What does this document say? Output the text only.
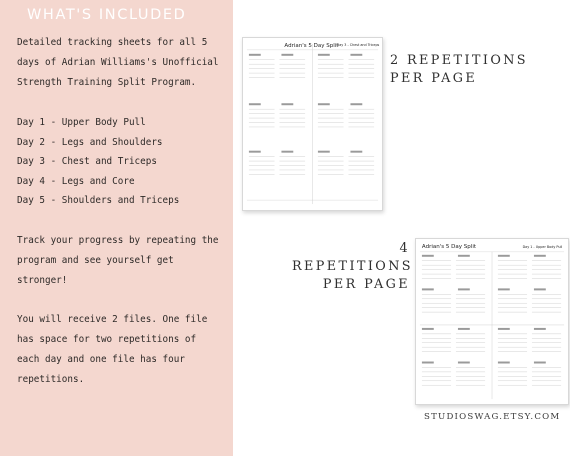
WHAT'S INCLUDED

Detailed tracking sheets for all 5 days of Adrian Williams's Unofficial Strength Training Split Program.

Day 1 - Upper Body Pull
Day 2 - Legs and Shoulders
Day 3 - Chest and Triceps
Day 4 - Legs and Core
Day 5 - Shoulders and Triceps

Track your progress by repeating the program and see yourself get stronger!

You will receive 2 files. One file has space for two repetitions of each day and one file has four repetitions.

Adrian's 5 Day Split
Day 3 - Chest and Triceps
2 REPETITIONS
PER PAGE
4 REPETITIONS
PER PAGE
›
Adrian's 5 Day Split	Day 1 - Upper Body Pull
STUDIOSWAG.ETSY.COM
